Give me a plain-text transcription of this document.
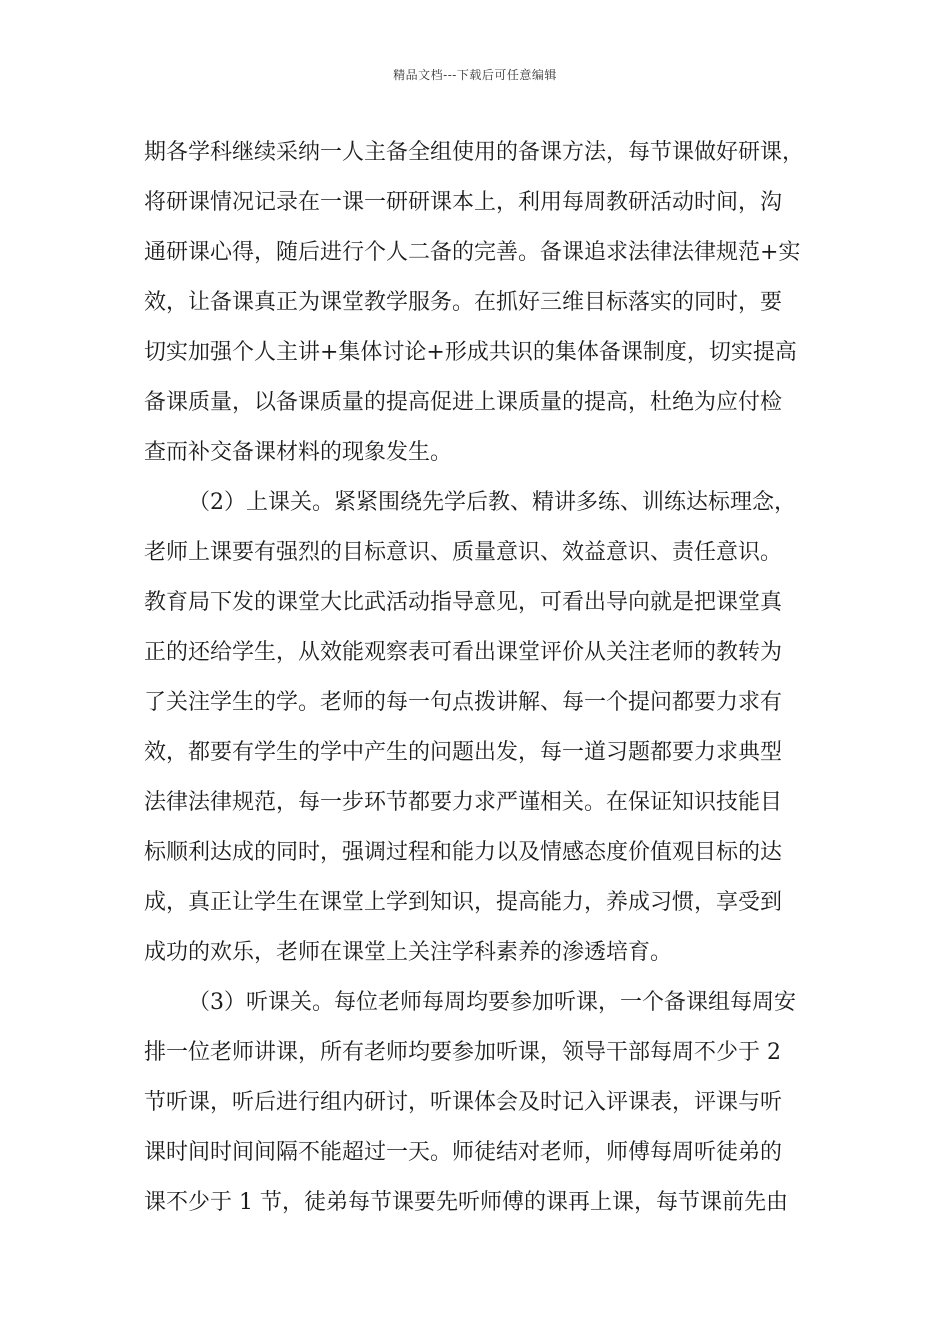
精品文档---下载后可任意编辑
期各学科继续采纳一人主备全组使用的备课方法，每节课做好研课，
将研课情况记录在一课一研研课本上，利用每周教研活动时间，沟
通研课心得，随后进行个人二备的完善。备课追求法律法律规范+实
效，让备课真正为课堂教学服务。在抓好三维目标落实的同时，要
切实加强个人主讲+集体讨论+形成共识的集体备课制度，切实提高
备课质量，以备课质量的提高促进上课质量的提高，杜绝为应付检
查而补交备课材料的现象发生。
（2）上课关。紧紧围绕先学后教、精讲多练、训练达标理念，
老师上课要有强烈的目标意识、质量意识、效益意识、责任意识。
教育局下发的课堂大比武活动指导意见，可看出导向就是把课堂真
正的还给学生，从效能观察表可看出课堂评价从关注老师的教转为
了关注学生的学。老师的每一句点拨讲解、每一个提问都要力求有
效，都要有学生的学中产生的问题出发，每一道习题都要力求典型
法律法律规范，每一步环节都要力求严谨相关。在保证知识技能目
标顺利达成的同时，强调过程和能力以及情感态度价值观目标的达
成，真正让学生在课堂上学到知识，提高能力，养成习惯，享受到
成功的欢乐，老师在课堂上关注学科素养的渗透培育。
（3）听课关。每位老师每周均要参加听课，一个备课组每周安
排一位老师讲课，所有老师均要参加听课，领导干部每周不少于 2
节听课，听后进行组内研讨，听课体会及时记入评课表，评课与听
课时间时间间隔不能超过一天。师徒结对老师，师傅每周听徒弟的
课不少于 1 节，徒弟每节课要先听师傅的课再上课，每节课前先由
